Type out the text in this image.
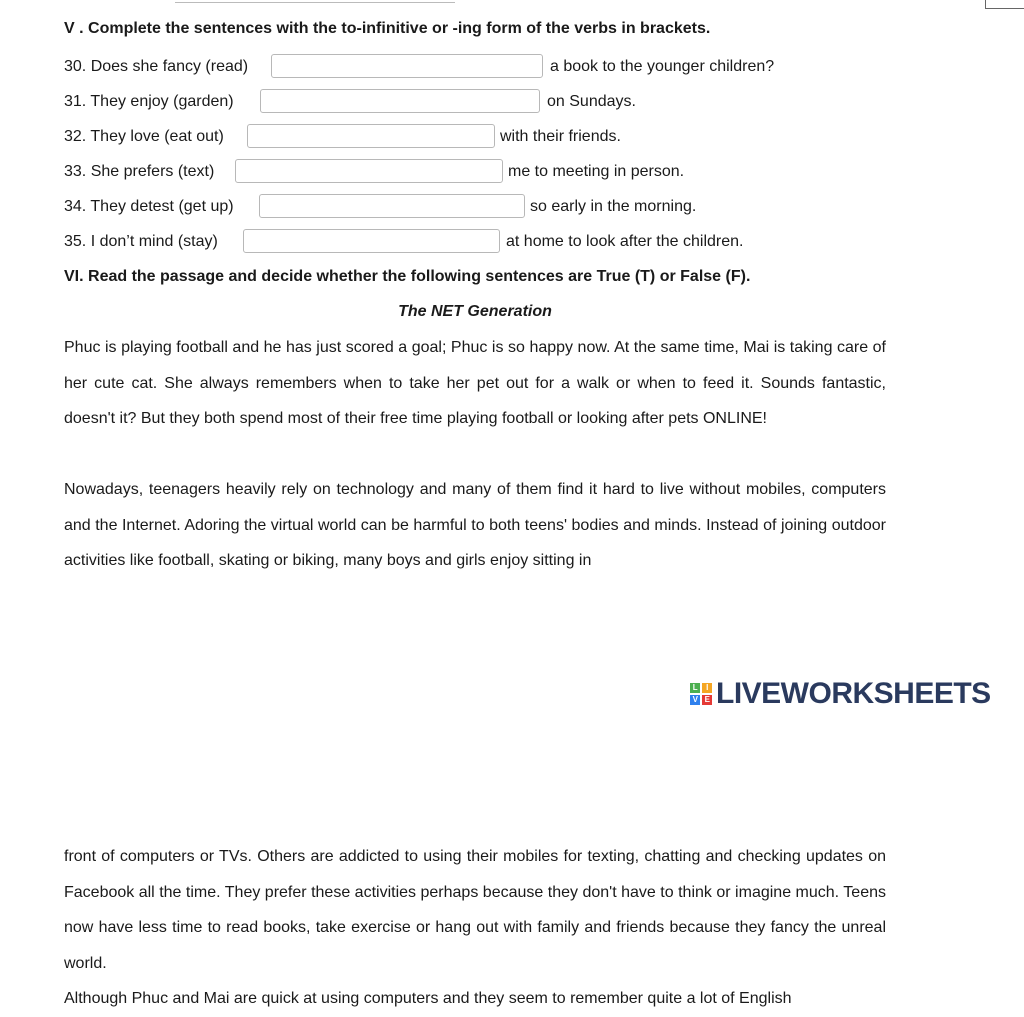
V . Complete the sentences with the to-infinitive or -ing form of the verbs in brackets.
30. Does she fancy (read)	a book to the younger children?
31. They enjoy (garden)	on Sundays.
32. They love (eat out)	with their friends.
33. She prefers (text)	me to meeting in person.
34. They detest (get up)	so early in the morning.
35. I don’t mind (stay)	at home to look after the children.
VI. Read the passage and decide whether the following sentences are True (T) or False (F).
The NET Generation
Phuc is playing football and he has just scored a goal; Phuc is so happy now. At the same time, Mai is taking care of her cute cat. She always remembers when to take her pet out for a walk or when to feed it. Sounds fantastic, doesn't it? But they both spend most of their free time playing football or looking after pets ONLINE!
Nowadays, teenagers heavily rely on technology and many of them find it hard to live without mobiles, computers and the Internet. Adoring the virtual world can be harmful to both teens' bodies and minds. Instead of joining outdoor activities like football, skating or biking, many boys and girls enjoy sitting in
L	I
V E LIVEWORKSHEETS
front of computers or TVs. Others are addicted to using their mobiles for texting, chatting and checking updates on Facebook all the time. They prefer these activities perhaps because they don't have to think or imagine much. Teens now have less time to read books, take exercise or hang out with family and friends because they fancy the unreal world.
Although Phuc and Mai are quick at using computers and they seem to remember quite a lot of English
